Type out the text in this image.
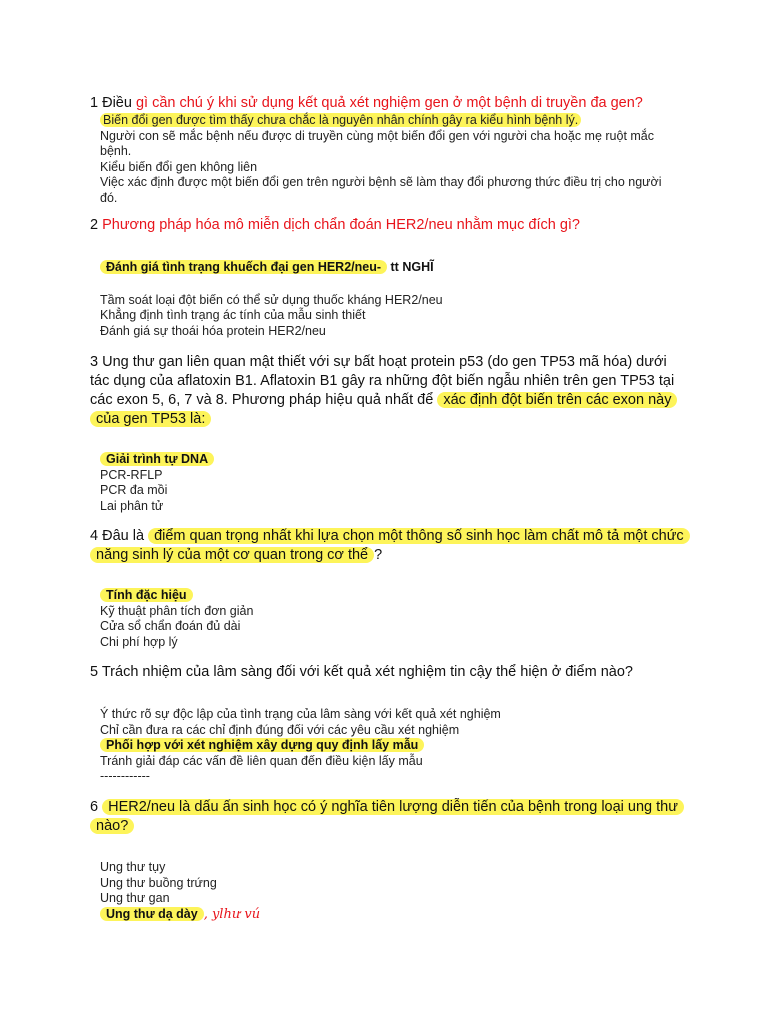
1 Điều gì cần chú ý khi sử dụng kết quả xét nghiệm gen ở một bệnh di truyền đa gen?
Biến đổi gen được tìm thấy chưa chắc là nguyên nhân chính gây ra kiểu hình bệnh lý.
Người con sẽ mắc bệnh nếu được di truyền cùng một biến đổi gen với người cha hoặc mẹ ruột mắc bệnh.
Kiểu biến đổi gen không liên
Việc xác định được một biến đổi gen trên người bệnh sẽ làm thay đổi phương thức điều trị cho người đó.
2 Phương pháp hóa mô miễn dịch chẩn đoán HER2/neu nhằm mục đích gì?
Đánh giá tình trạng khuếch đại gen HER2/neu- tt NGHĨ
Tầm soát loại đột biến có thể sử dụng thuốc kháng HER2/neu
Khẳng định tình trạng ác tính của mẫu sinh thiết
Đánh giá sự thoái hóa protein HER2/neu
3 Ung thư gan liên quan mật thiết với sự bất hoạt protein p53 (do gen TP53 mã hóa) dưới tác dụng của aflatoxin B1. Aflatoxin B1 gây ra những đột biến ngẫu nhiên trên gen TP53 tại các exon 5, 6, 7 và 8. Phương pháp hiệu quả nhất để xác định đột biến trên các exon này của gen TP53 là:
Giải trình tự DNA
PCR-RFLP
PCR đa mồi
Lai phân tử
4 Đâu là điểm quan trọng nhất khi lựa chọn một thông số sinh học làm chất mô tả một chức năng sinh lý của một cơ quan trong cơ thể ?
Tính đặc hiệu
Kỹ thuật phân tích đơn giản
Cửa sổ chẩn đoán đủ dài
Chi phí hợp lý
5 Trách nhiệm của lâm sàng đối với kết quả xét nghiệm tin cậy thể hiện ở điểm nào?
Ý thức rõ sự độc lập của tình trạng của lâm sàng với kết quả xét nghiệm
Chỉ cần đưa ra các chỉ định đúng đối với các yêu cầu xét nghiệm
Phối hợp với xét nghiệm xây dựng quy định lấy mẫu
Tránh giải đáp các vấn đề liên quan đến điều kiện lấy mẫu
------------
6 HER2/neu là dấu ấn sinh học có ý nghĩa tiên lượng diễn tiến của bệnh trong loại ung thư nào?
Ung thư tụy
Ung thư buồng trứng
Ung thư gan
Ung thư dạ dày , ylhư vú
